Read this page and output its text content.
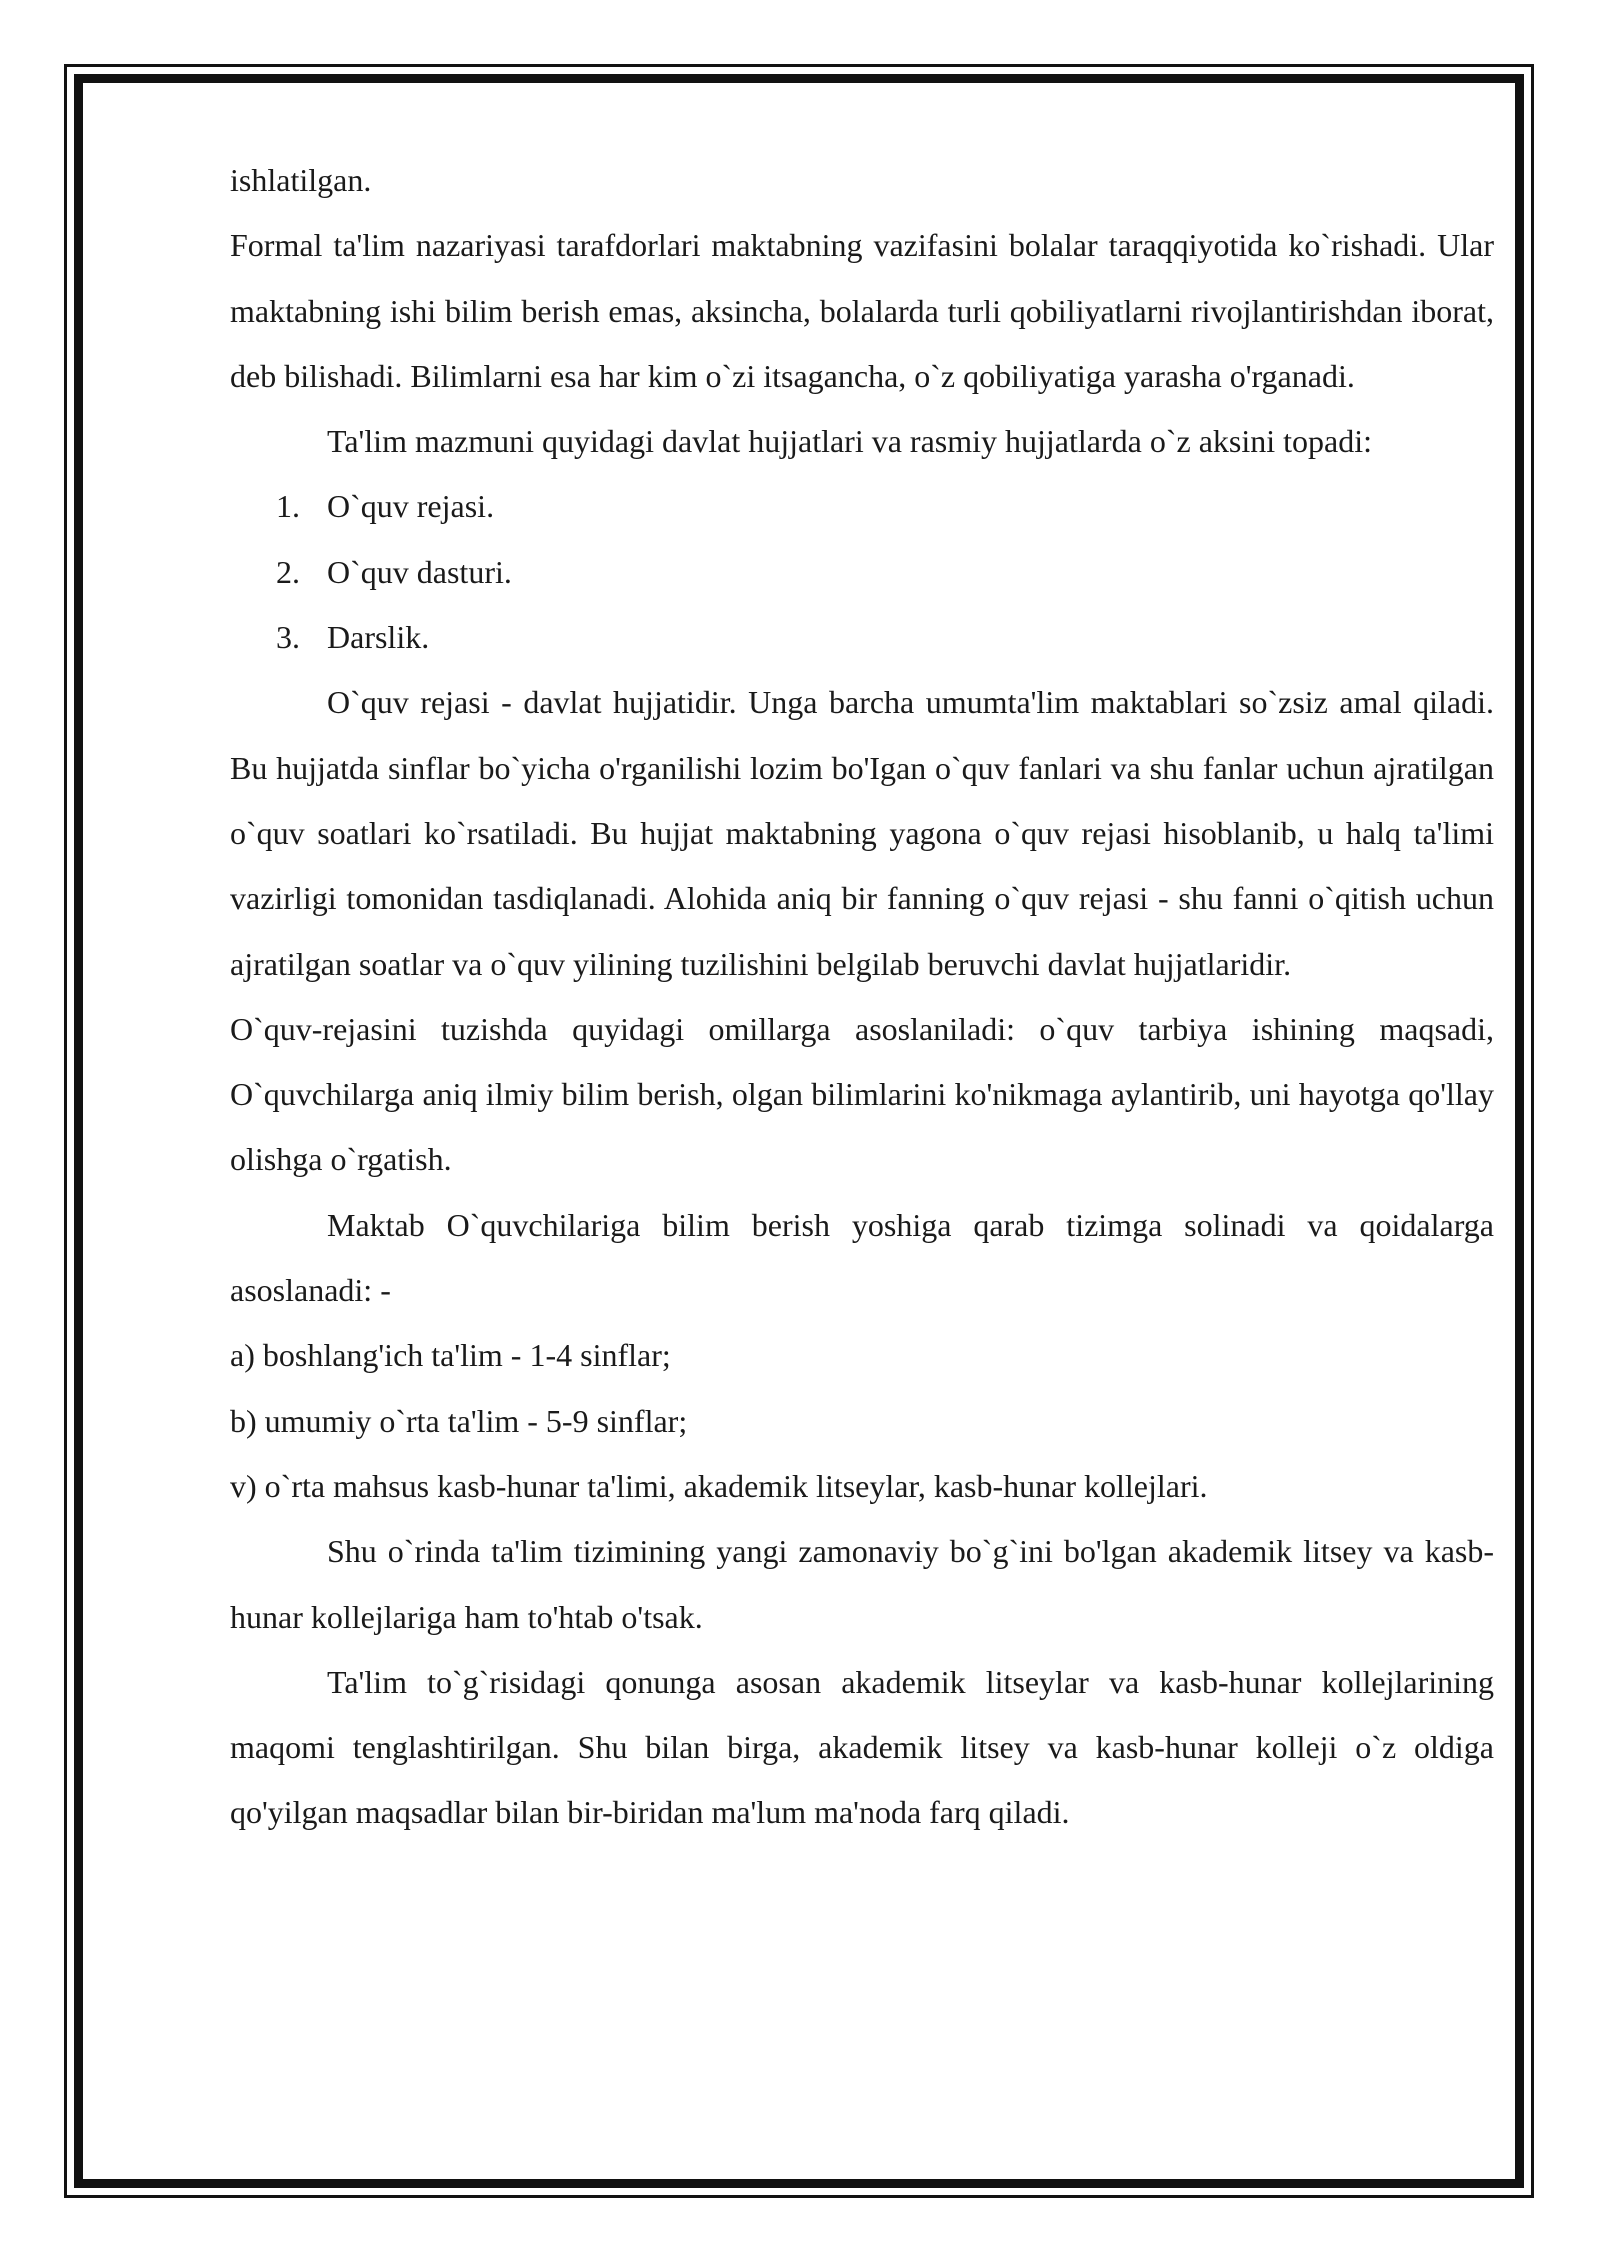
ishlatilgan.

Formal ta'lim nazariyasi tarafdorlari maktabning vazifasini bolalar taraqqiyotida ko`rishadi. Ular maktabning ishi bilim berish emas, aksincha, bolalarda turli qobiliyatlarni rivojlantirishdan iborat, deb bilishadi. Bilimlarni esa har kim o`zi itsagancha, o`z qobiliyatiga yarasha o'rganadi.

Ta'lim mazmuni quyidagi davlat hujjatlari va rasmiy hujjatlarda o`z aksini topadi:

1. O`quv rejasi.
2. O`quv dasturi.
3. Darslik.

O`quv rejasi - davlat hujjatidir. Unga barcha umumta'lim maktablari so`zsiz amal qiladi. Bu hujjatda sinflar bo`yicha o'rganilishi lozim bo'Igan o`quv fanlari va shu fanlar uchun ajratilgan o`quv soatlari ko`rsatiladi. Bu hujjat maktabning yagona o`quv rejasi hisoblanib, u halq ta'limi vazirligi tomonidan tasdiqlanadi. Alohida aniq bir fanning o`quv rejasi - shu fanni o`qitish uchun ajratilgan soatlar va o`quv yilining tuzilishini belgilab beruvchi davlat hujjatlaridir.

O`quv-rejasini tuzishda quyidagi omillarga asoslaniladi: o`quv tarbiya ishining maqsadi, O`quvchilarga aniq ilmiy bilim berish, olgan bilimlarini ko'nikmaga aylantirib, uni hayotga qo'llay olishga o`rgatish.

Maktab O`quvchilariga bilim berish yoshiga qarab tizimga solinadi va qoidalarga asoslanadi: -

a) boshlang'ich ta'lim - 1-4 sinflar;

b) umumiy o`rta ta'lim - 5-9 sinflar;

v) o`rta mahsus kasb-hunar ta'limi, akademik litseylar, kasb-hunar kollejlari.

Shu o`rinda ta'lim tizimining yangi zamonaviy bo`g`ini bo'lgan akademik litsey va kasb-hunar kollejlariga ham to'htab o'tsak.

Ta'lim to`g`risidagi qonunga asosan akademik litseylar va kasb-hunar kollejlarining maqomi tenglashtirilgan. Shu bilan birga, akademik litsey va kasb-hunar kolleji o`z oldiga qo'yilgan maqsadlar bilan bir-biridan ma'lum ma'noda farq qiladi.
